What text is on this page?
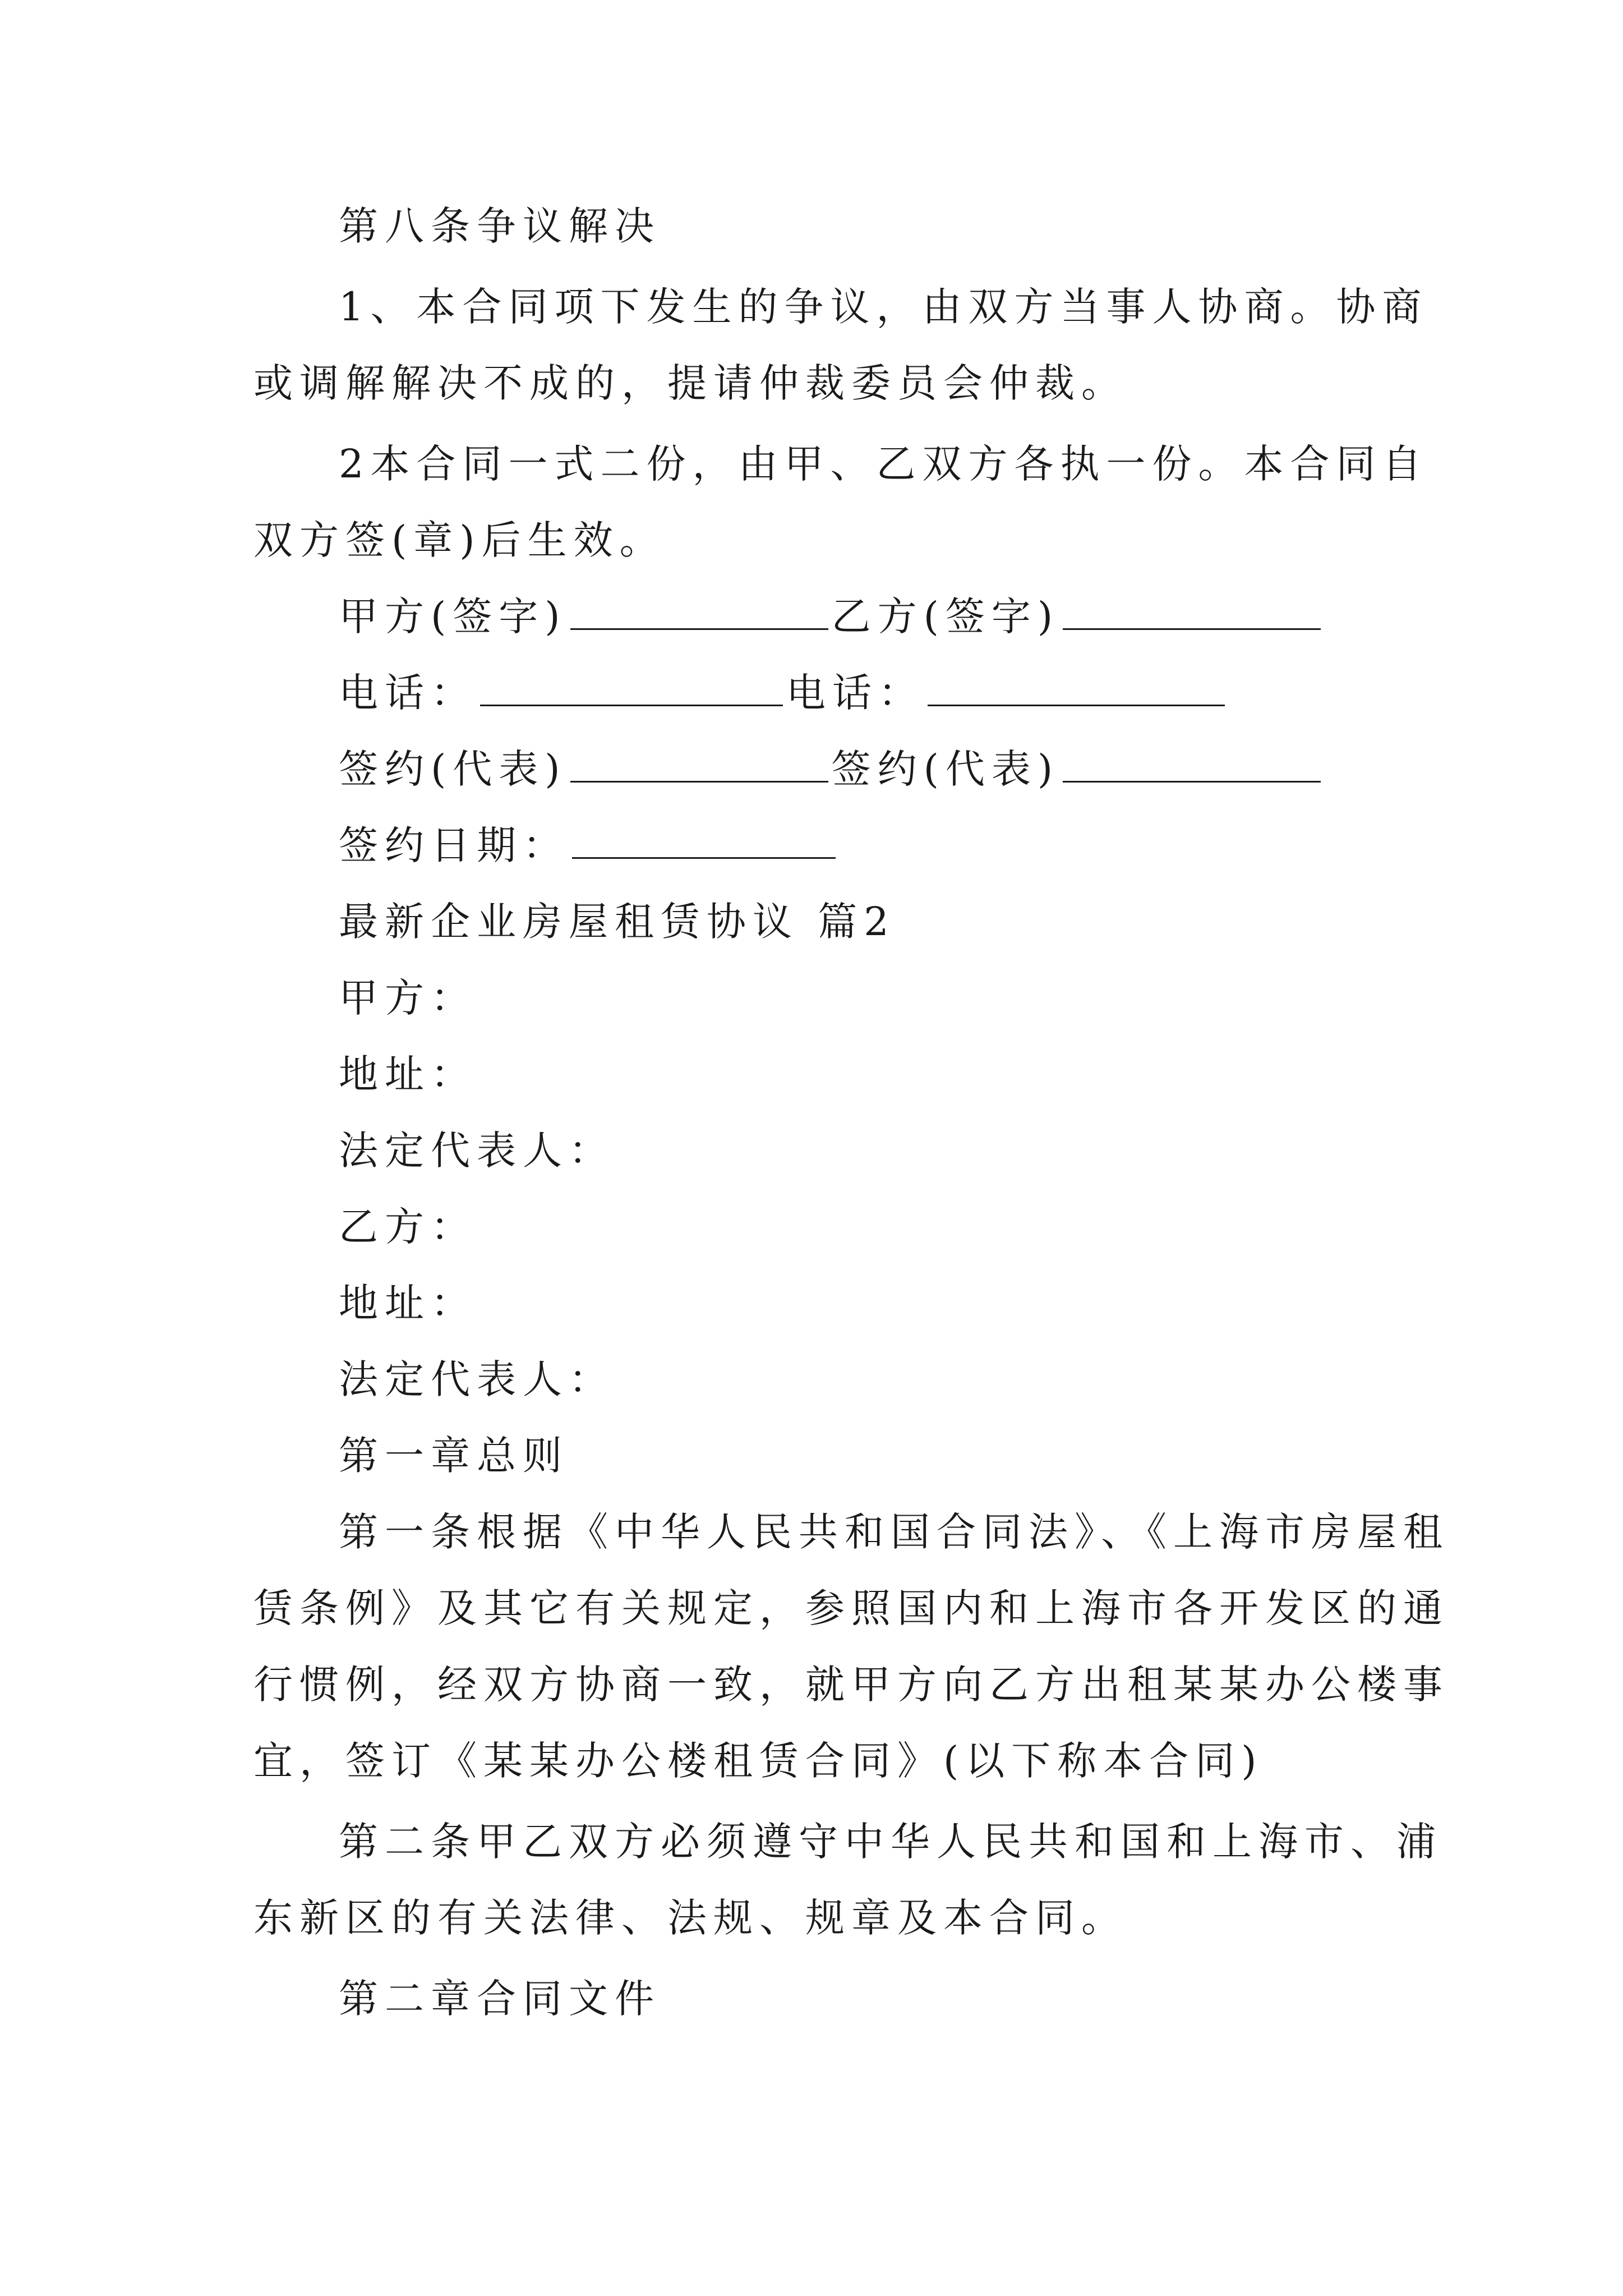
第八条争议解决
1、本合同项下发生的争议，由双方当事人协商。协商
或调解解决不成的，提请仲裁委员会仲裁。
2本合同一式二份，由甲、乙双方各执一份。本合同自
双方签(章)后生效。
甲方(签字)	乙方(签字)
电话：	电话：
签约(代表)	签约(代表)
签约日期：
最新企业房屋租赁协议 篇2
甲方：
地址：
法定代表人：
乙方：
地址：
法定代表人：
第一章总则
第一条根据《中华人民共和国合同法》、《上海市房屋租
赁条例》及其它有关规定，参照国内和上海市各开发区的通
行惯例，经双方协商一致，就甲方向乙方出租某某办公楼事
宜，签订《某某办公楼租赁合同》(以下称本合同)
第二条甲乙双方必须遵守中华人民共和国和上海市、浦
东新区的有关法律、法规、规章及本合同。
第二章合同文件
